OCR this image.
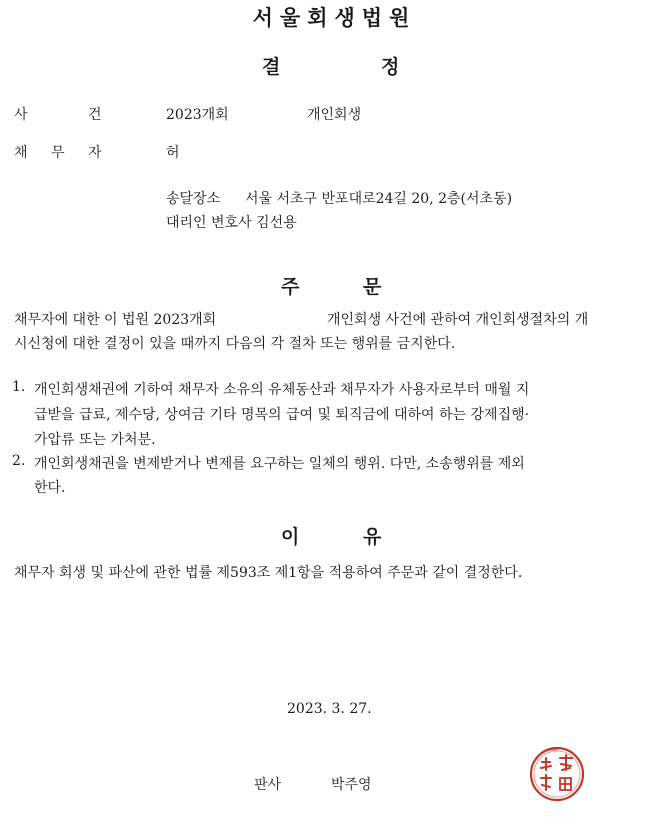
서울회생법원
결	정
사	건	2023개회	개인회생
채 무 자	허
송달장소 서울 서초구 반포대로24길 20, 2층(서초동)
대리인 변호사 김선용
주	문
채무자에 대한 이 법원 2023개회	개인회생 사건에 관하여 개인회생절차의 개
시신청에 대한 결정이 있을 때까지 다음의 각 절차 또는 행위를 금지한다.
1. 개인회생채권에 기하여 채무자 소유의 유체동산과 채무자가 사용자로부터 매월 지
급받을 급료, 제수당, 상여금 기타 명목의 급여 및 퇴직금에 대하여 하는 강제집행·
가압류 또는 가처분.
2. 개인회생채권을 변제받거나 변제를 요구하는 일체의 행위. 다만, 소송행위를 제외
한다.
이	유
채무자 회생 및 파산에 관한 법률 제593조 제1항을 적용하여 주문과 같이 결정한다.
2023. 3. 27.
판사	박주영
